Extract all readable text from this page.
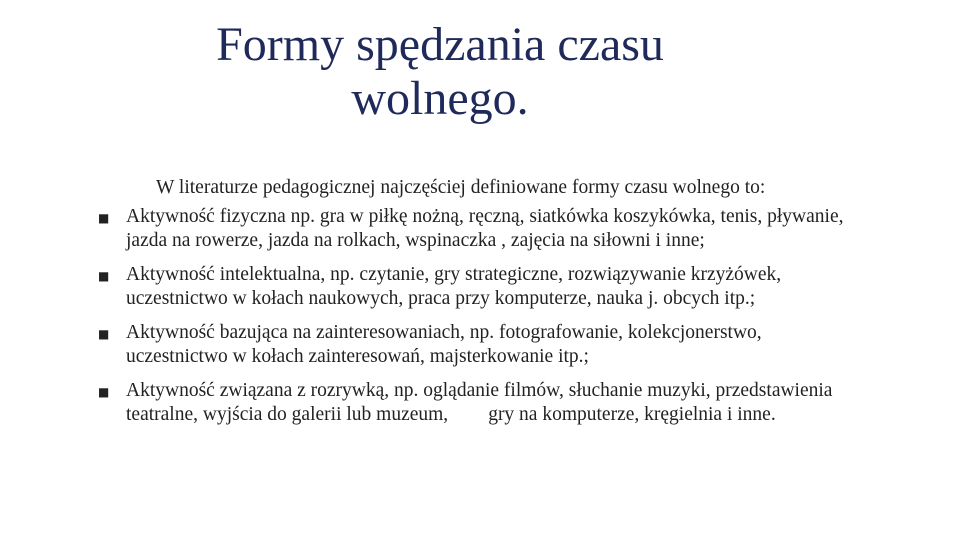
Formy spędzania czasu
wolnego.

W literaturze pedagogicznej najczęściej definiowane formy czasu wolnego to:

■ Aktywność fizyczna np. gra w piłkę nożną, ręczną, siatkówka koszykówka, tenis, pływanie, jazda na rowerze, jazda na rolkach, wspinaczka , zajęcia na siłowni i inne;
■ Aktywność intelektualna, np. czytanie, gry strategiczne, rozwiązywanie krzyżówek, uczestnictwo w kołach naukowych, praca przy komputerze, nauka j. obcych itp.;
■ Aktywność bazująca na zainteresowaniach, np. fotografowanie, kolekcjonerstwo, uczestnictwo w kołach zainteresowań, majsterkowanie itp.;
■ Aktywność związana z rozrywką, np. oglądanie filmów, słuchanie muzyki, przedstawienia teatralne, wyjścia do galerii lub muzeum, gry na komputerze, kręgielnia i inne.
